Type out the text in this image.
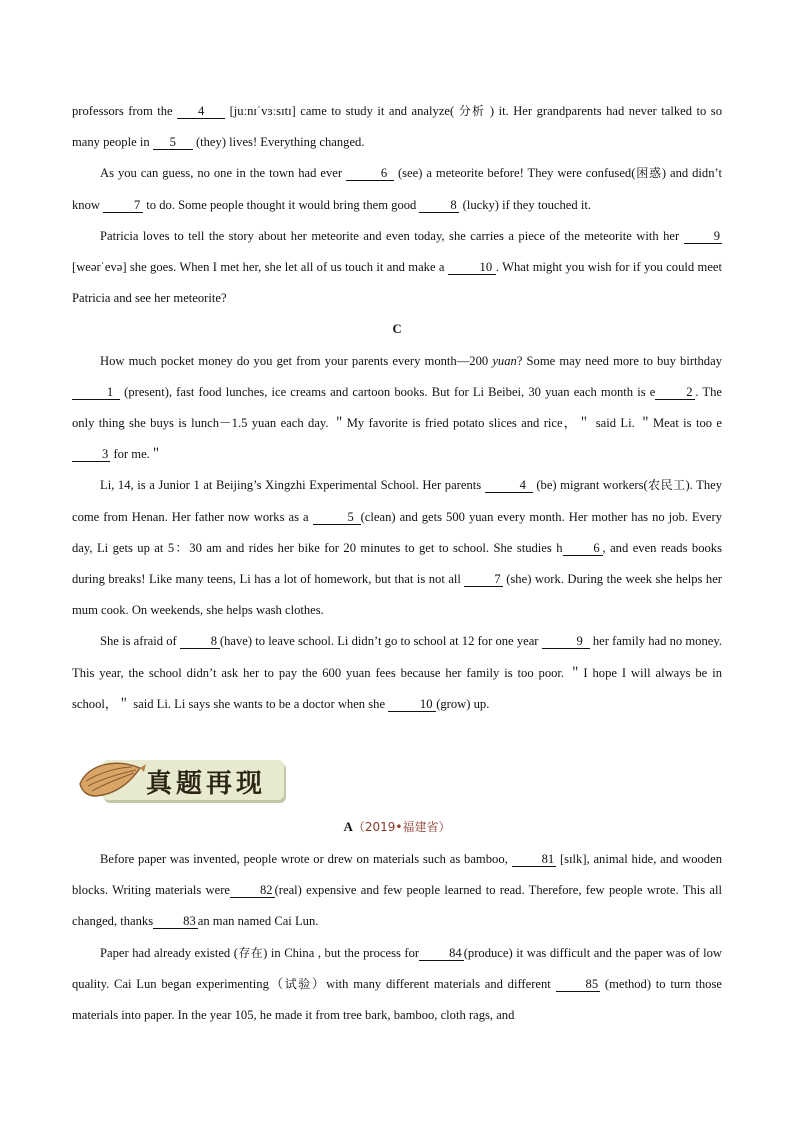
professors from the 4 [juːnɪˈvɜːsɪtɪ] came to study it and analyze( 分析 ) it. Her grandparents had never talked to so many people in 5 (they) lives! Everything changed.

As you can guess, no one in the town had ever	6 (see) a meteorite before! They were confused(困惑) and didn’t know 7 to do. Some people thought it would bring them good 8 (lucky) if they touched it.

Patricia loves to tell the story about her meteorite and even today, she carries a piece of the meteorite with her 9 [weərˈevə] she goes. When I met her, she let all of us touch it and make a	10 . What might you wish for if you could meet Patricia and see her meteorite?

C

How much pocket money do you get from your parents every month—200 yuan? Some may need more to buy birthday 1 (present), fast food lunches, ice creams and cartoon books. But for Li Beibei, 30 yuan each month is e 2 . The only thing she buys is lunch－1.5 yuan each day. ＂My favorite is fried potato slices and rice，＂ said Li. ＂Meat is too e3 for me.＂

Li, 14, is a Junior 1 at Beijing’s Xingzhi Experimental School. Her parents	4 (be) migrant workers(农民工). They come from Henan. Her father now works as a	5 (clean) and gets 500 yuan every month. Her mother has no job. Every day, Li gets up at 5：30 am and rides her bike for 20 minutes to get to school. She studies h 6 , and even reads books during breaks! Like many teens, Li has a lot of homework, but that is not all 7 (she) work. During the week she helps her mum cook. On weekends, she helps wash clothes.

She is afraid of 8 (have) to leave school. Li didn’t go to school at 12 for one year	9 her family had no money. This year, the school didn’t ask her to pay the 600 yuan fees because her family is too poor. ＂I hope I will always be in school，＂ said Li. Li says she wants to be a doctor when she	10 (grow) up.

真题再现
A（2019•福建省）

Before paper was invented, people wrote or drew on materials such as bamboo, 81 [sɪlk], animal hide, and wooden blocks. Writing materials were 82 (real) expensive and few people learned to read. Therefore, few people wrote. This all changed, thanks 83 an man named Cai Lun.

Paper had already existed (存在) in China , but the process for 84 (produce) it was difficult and the paper was of low quality. Cai Lun began experimenting（试验）with many different materials and different 85 (method) to turn those materials into paper. In the year 105, he made it from tree bark, bamboo, cloth rags, and
